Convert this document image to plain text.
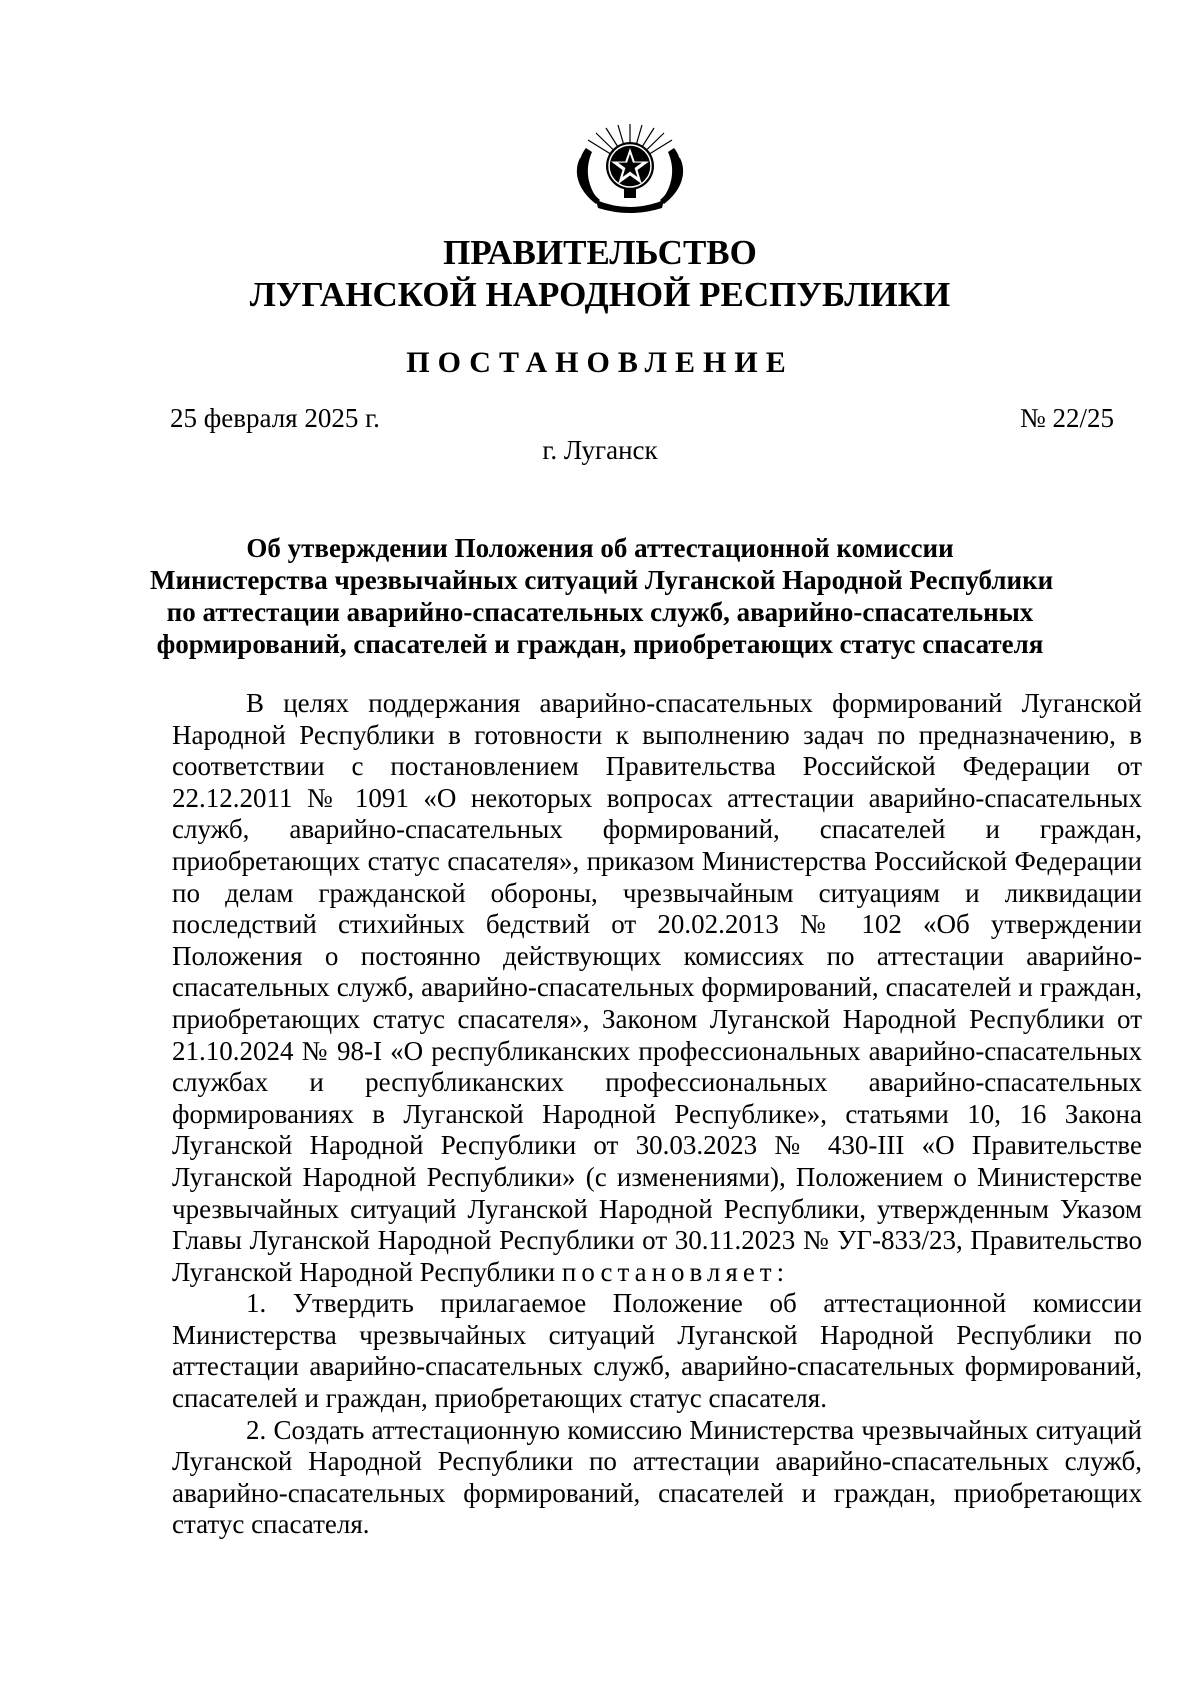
ПРАВИТЕЛЬСТВО
ЛУГАНСКОЙ НАРОДНОЙ РЕСПУБЛИКИ
ПОСТАНОВЛЕНИЕ
25 февраля 2025 г.	№ 22/25
г. Луганск
Об утверждении Положения об аттестационной комиссии
Министерства чрезвычайных ситуаций Луганской Народной Республики
по аттестации аварийно-спасательных служб, аварийно-спасательных
формирований, спасателей и граждан, приобретающих статус спасателя

В целях поддержания аварийно-спасательных формирований Луганской Народной Республики в готовности к выполнению задач по предназначению, в соответствии с постановлением Правительства Российской Федерации от 22.12.2011 № 1091 «О некоторых вопросах аттестации аварийно-спасательных служб, аварийно-спасательных формирований, спасателей и граждан, приобретающих статус спасателя», приказом Министерства Российской Федерации по делам гражданской обороны, чрезвычайным ситуациям и ликвидации последствий стихийных бедствий от 20.02.2013 № 102 «Об утверждении Положения о постоянно действующих комиссиях по аттестации аварийно-спасательных служб, аварийно-спасательных формирований, спасателей и граждан, приобретающих статус спасателя», Законом Луганской Народной Республики от 21.10.2024 № 98-I «О республиканских профессиональных аварийно-спасательных службах и республиканских профессиональных аварийно-спасательных формированиях в Луганской Народной Республике», статьями 10, 16 Закона Луганской Народной Республики от 30.03.2023 № 430-III «О Правительстве Луганской Народной Республики» (с изменениями), Положением о Министерстве чрезвычайных ситуаций Луганской Народной Республики, утвержденным Указом Главы Луганской Народной Республики от 30.11.2023 № УГ-833/23, Правительство Луганской Народной Республики постановляет:

1. Утвердить прилагаемое Положение об аттестационной комиссии Министерства чрезвычайных ситуаций Луганской Народной Республики по аттестации аварийно-спасательных служб, аварийно-спасательных формирований, спасателей и граждан, приобретающих статус спасателя.

2. Создать аттестационную комиссию Министерства чрезвычайных ситуаций Луганской Народной Республики по аттестации аварийно-спасательных служб, аварийно-спасательных формирований, спасателей и граждан, приобретающих статус спасателя.
